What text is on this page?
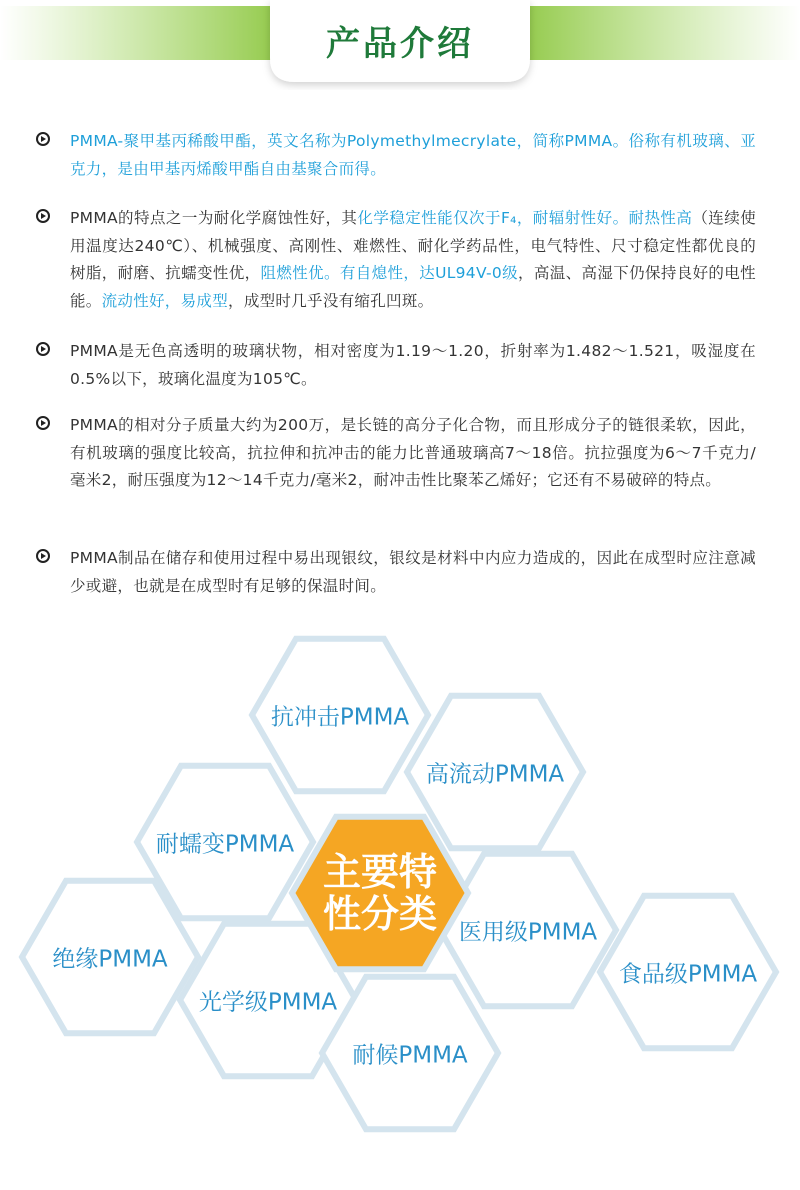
产品介绍
PMMA-聚甲基丙稀酸甲酯，英文名称为Polymethylmecrylate，简称PMMA。俗称有机玻璃、亚克力，是由甲基丙烯酸甲酯自由基聚合而得。
PMMA的特点之一为耐化学腐蚀性好，其化学稳定性能仅次于F₄，耐辐射性好。耐热性高（连续使用温度达240℃）、机械强度、高刚性、难燃性、耐化学药品性，电气特性、尺寸稳定性都优良的树脂，耐磨、抗蠕变性优，阻燃性优。有自熄性，达UL94V-0级，高温、高湿下仍保持良好的电性能。流动性好，易成型，成型时几乎没有缩孔凹斑。
PMMA是无色高透明的玻璃状物，相对密度为1.19～1.20，折射率为1.482～1.521，吸湿度在0.5%以下，玻璃化温度为105℃。
PMMA的相对分子质量大约为200万，是长链的高分子化合物，而且形成分子的链很柔软，因此，有机玻璃的强度比较高，抗拉伸和抗冲击的能力比普通玻璃高7～18倍。抗拉强度为6～7千克力/毫米2，耐压强度为12～14千克力/毫米2，耐冲击性比聚苯乙烯好；它还有不易破碎的特点。
PMMA制品在储存和使用过程中易出现银纹，银纹是材料中内应力造成的，因此在成型时应注意减少或避，也就是在成型时有足够的保温时间。
抗冲击PMMA
高流动PMMA
耐蠕变PMMA
医用级PMMA
绝缘PMMA
食品级PMMA
光学级PMMA
耐候PMMA
主要特
性分类
